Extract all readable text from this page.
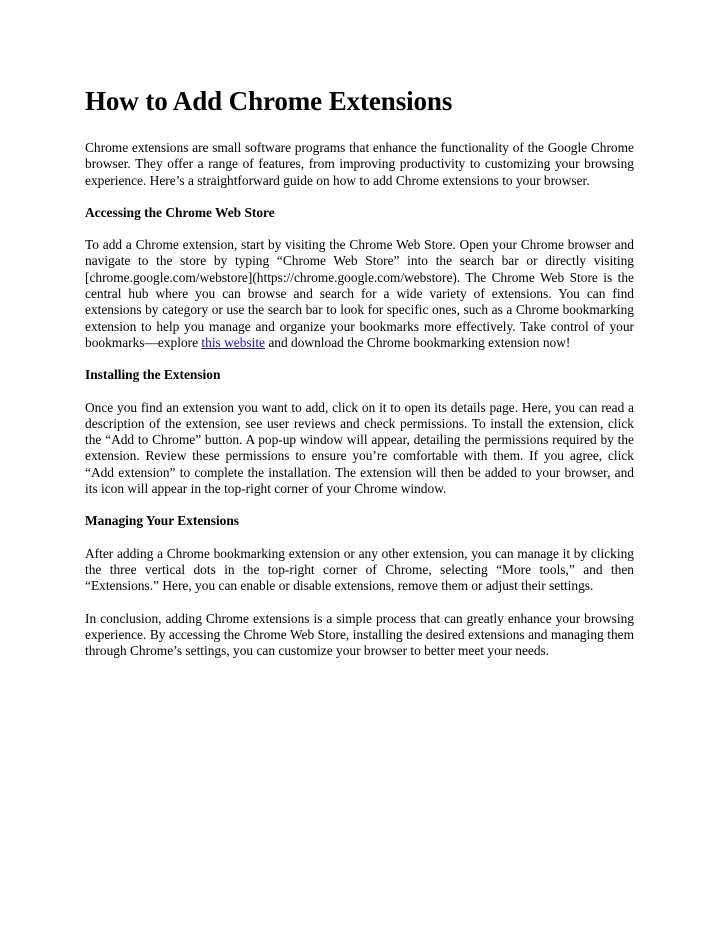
How to Add Chrome Extensions

Chrome extensions are small software programs that enhance the functionality of the Google Chrome browser. They offer a range of features, from improving productivity to customizing your browsing experience. Here’s a straightforward guide on how to add Chrome extensions to your browser.

Accessing the Chrome Web Store

To add a Chrome extension, start by visiting the Chrome Web Store. Open your Chrome browser and navigate to the store by typing “Chrome Web Store” into the search bar or directly visiting [chrome.google.com/webstore](https://chrome.google.com/webstore). The Chrome Web Store is the central hub where you can browse and search for a wide variety of extensions. You can find extensions by category or use the search bar to look for specific ones, such as a Chrome bookmarking extension to help you manage and organize your bookmarks more effectively. Take control of your bookmarks—explore this website and download the Chrome bookmarking extension now!

Installing the Extension

Once you find an extension you want to add, click on it to open its details page. Here, you can read a description of the extension, see user reviews and check permissions. To install the extension, click the “Add to Chrome” button. A pop-up window will appear, detailing the permissions required by the extension. Review these permissions to ensure you’re comfortable with them. If you agree, click “Add extension” to complete the installation. The extension will then be added to your browser, and its icon will appear in the top-right corner of your Chrome window.

Managing Your Extensions

After adding a Chrome bookmarking extension or any other extension, you can manage it by clicking the three vertical dots in the top-right corner of Chrome, selecting “More tools,” and then “Extensions.” Here, you can enable or disable extensions, remove them or adjust their settings.

In conclusion, adding Chrome extensions is a simple process that can greatly enhance your browsing experience. By accessing the Chrome Web Store, installing the desired extensions and managing them through Chrome’s settings, you can customize your browser to better meet your needs.
